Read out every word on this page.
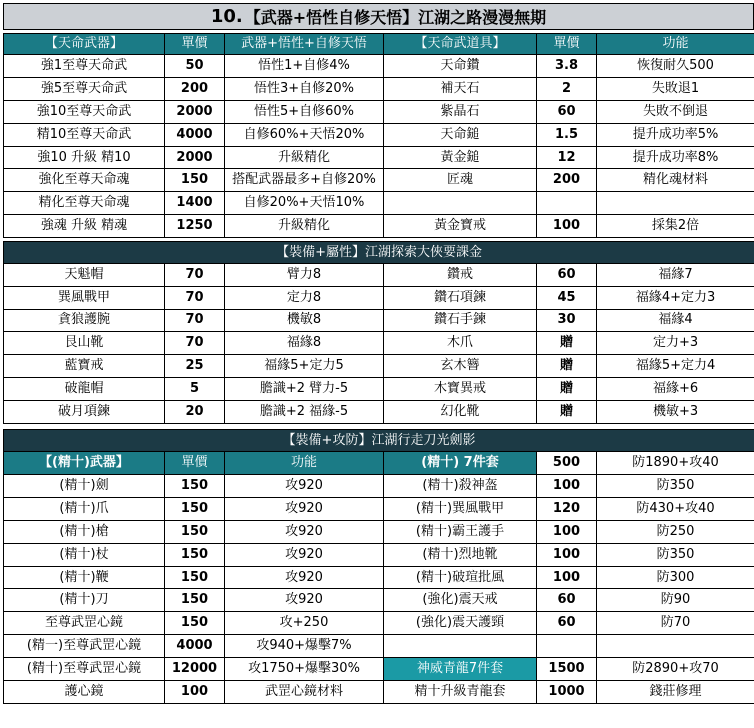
10. 【武器+悟性自修天悟】江湖之路漫漫無期
【天命武器】	單價	武器+悟性+自修天悟	【天命武道具】	單價	功能
強1至尊天命武	50	悟性1+自修4%	天命鑽	3.8	恢復耐久500
強5至尊天命武	200	悟性3+自修20%	補天石	2	失敗退1
強10至尊天命武	2000	悟性5+自修60%	紫晶石	60	失敗不倒退
精10至尊天命武	4000	自修60%+天悟20%	天命鎚	1.5	提升成功率5%
強10 升級 精10	2000	升級精化	黃金鎚	12	提升成功率8%
強化至尊天命魂	150	搭配武器最多+自修20%	匠魂	200	精化魂材料
精化至尊天命魂	1400	自修20%+天悟10%			
強魂 升級 精魂	1250	升級精化	黃金寶戒	100	採集2倍
【裝備+屬性】江湖探索大俠要課金					
天魁帽	70	臂力8	鑽戒	60	福緣7
巽風戰甲	70	定力8	鑽石項鍊	45	福緣4+定力3
貪狼護腕	70	機敏8	鑽石手鍊	30	福緣4
艮山靴	70	福緣8	木爪	贈	定力+3
藍寶戒	25	福緣5+定力5	玄木簪	贈	福緣5+定力4
破龍帽	5	膽識+2 臂力-5	木寶異戒	贈	福緣+6
破月項鍊	20	膽識+2 福緣-5	幻化靴	贈	機敏+3
【裝備+攻防】江湖行走刀光劍影					
【(精十)武器】	單價	功能	(精十) 7件套	500	防1890+攻40
(精十)劍	150	攻920	(精十)殺神盔	100	防350
(精十)爪	150	攻920	(精十)巽風戰甲	120	防430+攻40
(精十)槍	150	攻920	(精十)霸王護手	100	防250
(精十)杖	150	攻920	(精十)烈地靴	100	防350
(精十)鞭	150	攻920	(精十)破瑄批風	100	防300
(精十)刀	150	攻920	(強化)震天戒	60	防90
至尊武罡心鏡	150	攻+250	(強化)震天護頸	60	防70
(精一)至尊武罡心鏡	4000	攻940+爆擊7%			
(精十)至尊武罡心鏡	12000	攻1750+爆擊30%	神威青龍7件套	1500	防2890+攻70
護心鏡	100	武罡心鏡材料	精十升級青龍套	1000	錢莊修理
